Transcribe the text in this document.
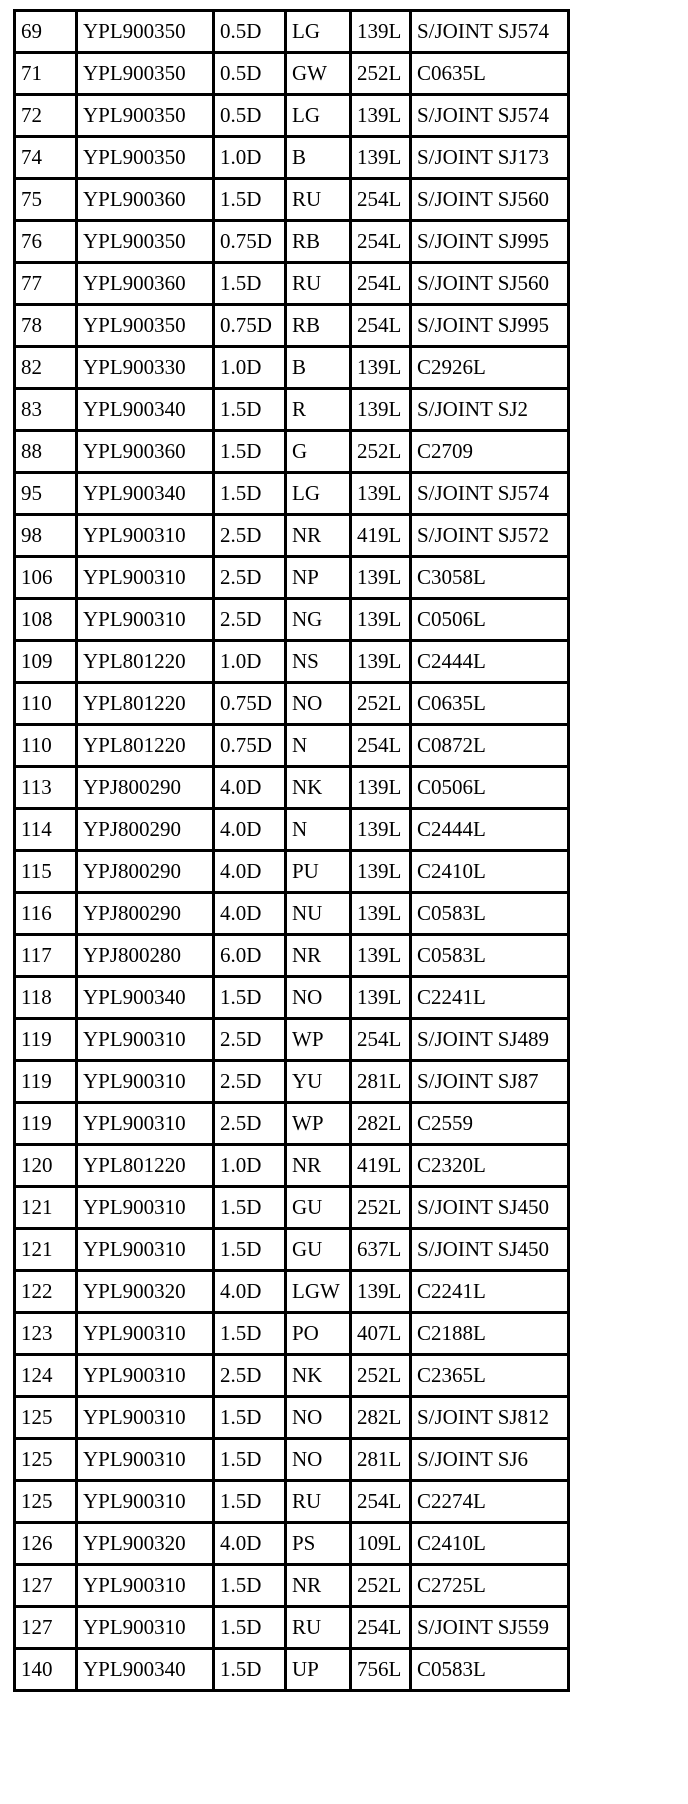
69	YPL900350	0.5D	LG	139L	S/JOINT SJ574
71	YPL900350	0.5D	GW	252L	C0635L
72	YPL900350	0.5D	LG	139L	S/JOINT SJ574
74	YPL900350	1.0D	B	139L	S/JOINT SJ173
75	YPL900360	1.5D	RU	254L	S/JOINT SJ560
76	YPL900350	0.75D	RB	254L	S/JOINT SJ995
77	YPL900360	1.5D	RU	254L	S/JOINT SJ560
78	YPL900350	0.75D	RB	254L	S/JOINT SJ995
82	YPL900330	1.0D	B	139L	C2926L
83	YPL900340	1.5D	R	139L	S/JOINT SJ2
88	YPL900360	1.5D	G	252L	C2709
95	YPL900340	1.5D	LG	139L	S/JOINT SJ574
98	YPL900310	2.5D	NR	419L	S/JOINT SJ572
106	YPL900310	2.5D	NP	139L	C3058L
108	YPL900310	2.5D	NG	139L	C0506L
109	YPL801220	1.0D	NS	139L	C2444L
110	YPL801220	0.75D	NO	252L	C0635L
110	YPL801220	0.75D	N	254L	C0872L
113	YPJ800290	4.0D	NK	139L	C0506L
114	YPJ800290	4.0D	N	139L	C2444L
115	YPJ800290	4.0D	PU	139L	C2410L
116	YPJ800290	4.0D	NU	139L	C0583L
117	YPJ800280	6.0D	NR	139L	C0583L
118	YPL900340	1.5D	NO	139L	C2241L
119	YPL900310	2.5D	WP	254L	S/JOINT SJ489
119	YPL900310	2.5D	YU	281L	S/JOINT SJ87
119	YPL900310	2.5D	WP	282L	C2559
120	YPL801220	1.0D	NR	419L	C2320L
121	YPL900310	1.5D	GU	252L	S/JOINT SJ450
121	YPL900310	1.5D	GU	637L	S/JOINT SJ450
122	YPL900320	4.0D	LGW	139L	C2241L
123	YPL900310	1.5D	PO	407L	C2188L
124	YPL900310	2.5D	NK	252L	C2365L
125	YPL900310	1.5D	NO	282L	S/JOINT SJ812
125	YPL900310	1.5D	NO	281L	S/JOINT SJ6
125	YPL900310	1.5D	RU	254L	C2274L
126	YPL900320	4.0D	PS	109L	C2410L
127	YPL900310	1.5D	NR	252L	C2725L
127	YPL900310	1.5D	RU	254L	S/JOINT SJ559
140	YPL900340	1.5D	UP	756L	C0583L
